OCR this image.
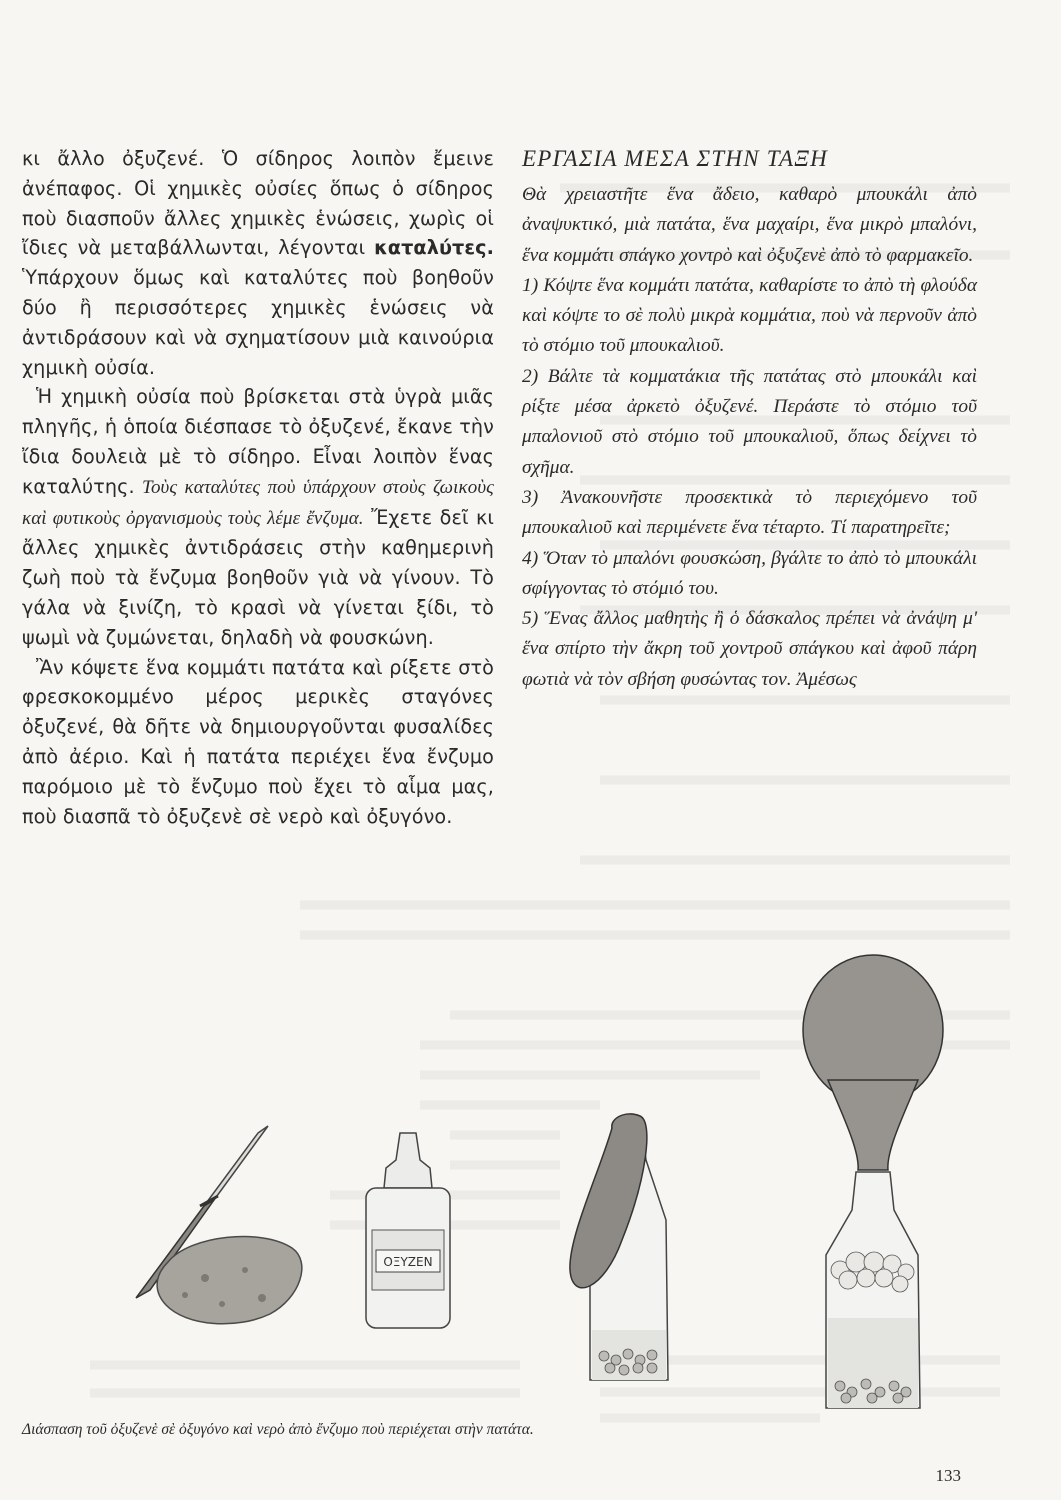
κι ἄλλο ὀξυζενέ. Ὁ σίδηρος λοιπὸν ἔμεινε ἀνέπαφος. Οἱ χημικὲς οὐσίες ὅπως ὁ σίδηρος ποὺ διασποῦν ἄλλες χημικὲς ἑνώσεις, χωρὶς οἱ ἴδιες νὰ μεταβάλλωνται, λέγονται καταλύτες. Ὑπάρχουν ὅμως καὶ καταλύτες ποὺ βοηθοῦν δύο ἢ περισσότερες χημικὲς ἑνώσεις νὰ ἀντιδράσουν καὶ νὰ σχηματίσουν μιὰ καινούρια χημικὴ οὐσία.

Ἡ χημικὴ οὐσία ποὺ βρίσκεται στὰ ὑγρὰ μιᾶς πληγῆς, ἡ ὁποία διέσπασε τὸ ὀξυζενέ, ἔκανε τὴν ἴδια δουλειὰ μὲ τὸ σίδηρο. Εἶναι λοιπὸν ἕνας καταλύτης. Τοὺς καταλύτες ποὺ ὑπάρχουν στοὺς ζωικοὺς καὶ φυτικοὺς ὀργανισμοὺς τοὺς λέμε ἔνζυμα. Ἔχετε δεῖ κι ἄλλες χημικὲς ἀντιδράσεις στὴν καθημερινὴ ζωὴ ποὺ τὰ ἔνζυμα βοηθοῦν γιὰ νὰ γίνουν. Τὸ γάλα νὰ ξινίζη, τὸ κρασὶ νὰ γίνεται ξίδι, τὸ ψωμὶ νὰ ζυμώνεται, δηλαδὴ νὰ φουσκώνη.

Ἂν κόψετε ἕνα κομμάτι πατάτα καὶ ρίξετε στὸ φρεσκοκομμένο μέρος μερικὲς σταγόνες ὀξυζενέ, θὰ δῆτε νὰ δημιουργοῦνται φυσαλίδες ἀπὸ ἀέριο. Καὶ ἡ πατάτα περιέχει ἕνα ἔνζυμο παρόμοιο μὲ τὸ ἔνζυμο ποὺ ἔχει τὸ αἷμα μας, ποὺ διασπᾶ τὸ ὀξυζενὲ σὲ νερὸ καὶ ὀξυγόνο.

ΕΡΓΑΣΙΑ ΜΕΣΑ ΣΤΗΝ ΤΑΞΗ

Θὰ χρειαστῆτε ἕνα ἄδειο, καθαρὸ μπουκάλι ἀπὸ ἀναψυκτικό, μιὰ πατάτα, ἕνα μαχαίρι, ἕνα μικρὸ μπαλόνι, ἕνα κομμάτι σπάγκο χοντρὸ καὶ ὀξυζενὲ ἀπὸ τὸ φαρμακεῖο.

1) Κόψτε ἕνα κομμάτι πατάτα, καθαρίστε το ἀπὸ τὴ φλούδα καὶ κόψτε το σὲ πολὺ μικρὰ κομμάτια, ποὺ νὰ περνοῦν ἀπὸ τὸ στόμιο τοῦ μπουκαλιοῦ.

2) Βάλτε τὰ κομματάκια τῆς πατάτας στὸ μπουκάλι καὶ ρίξτε μέσα ἀρκετὸ ὀξυζενέ. Περάστε τὸ στόμιο τοῦ μπαλονιοῦ στὸ στόμιο τοῦ μπουκαλιοῦ, ὅπως δείχνει τὸ σχῆμα.

3) Ἀνακουνῆστε προσεκτικὰ τὸ περιεχόμενο τοῦ μπουκαλιοῦ καὶ περιμένετε ἕνα τέταρτο. Τί παρατηρεῖτε;

4) Ὅταν τὸ μπαλόνι φουσκώση, βγάλτε το ἀπὸ τὸ μπουκάλι σφίγγοντας τὸ στόμιό του.

5) Ἕνας ἄλλος μαθητὴς ἢ ὁ δάσκαλος πρέπει νὰ ἀνάψη μ' ἕνα σπίρτο τὴν ἄκρη τοῦ χοντροῦ σπάγκου καὶ ἀφοῦ πάρη φωτιὰ νὰ τὸν σβήση φυσώντας τον. Ἀμέσως

ΟΞΥΖΕΝ
Διάσπαση τοῦ ὀξυζενὲ σὲ ὀξυγόνο καὶ νερὸ ἀπὸ ἔνζυμο ποὺ περιέχεται στὴν πατάτα.
133
